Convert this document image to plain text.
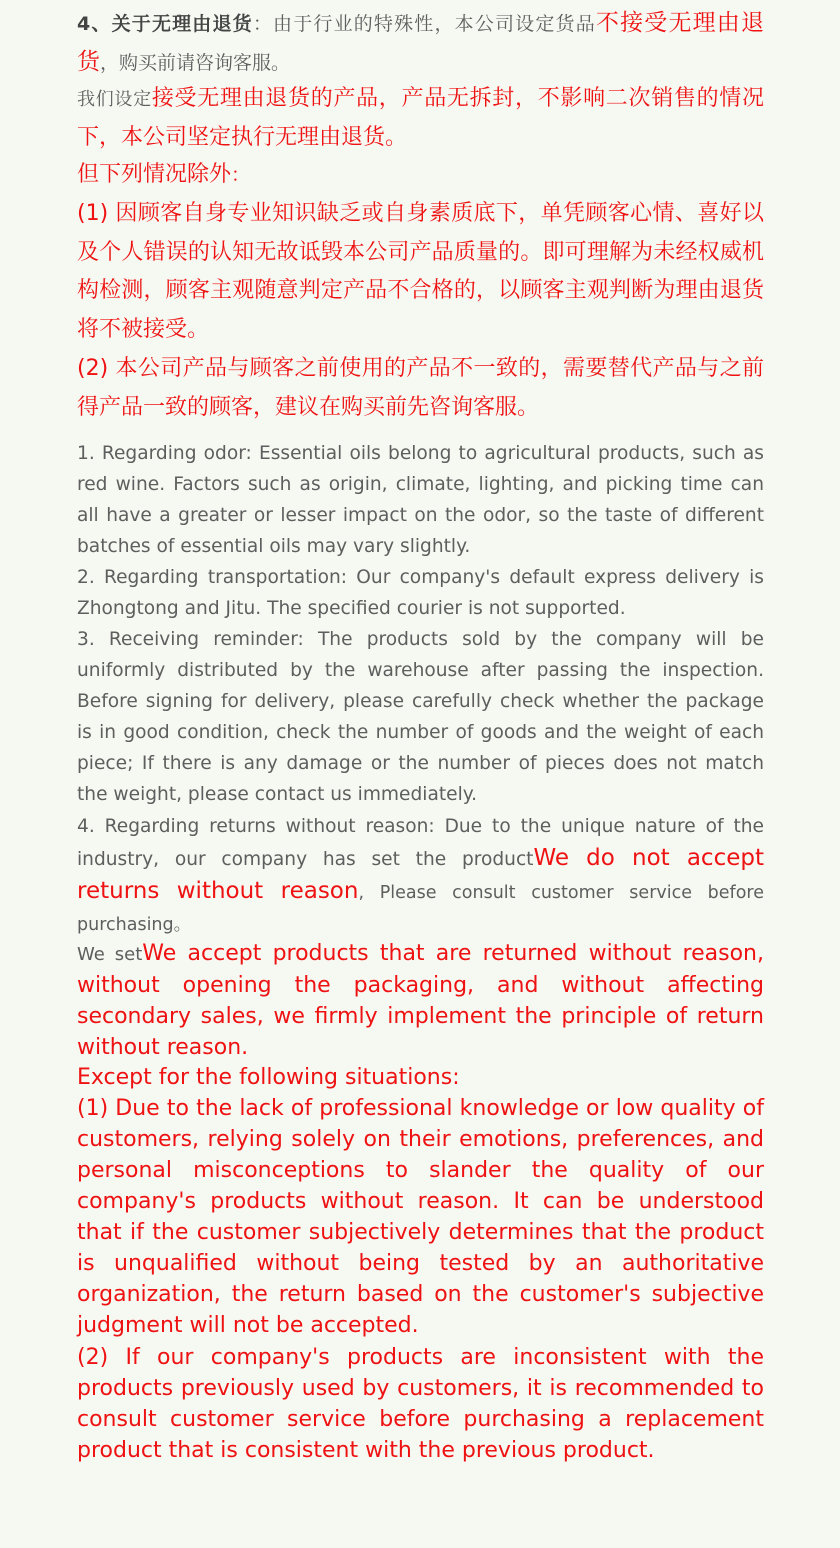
4、关于无理由退货：由于行业的特殊性，本公司设定货品不接受无理由退货，购买前请咨询客服。

我们设定接受无理由退货的产品，产品无拆封，不影响二次销售的情况下，本公司坚定执行无理由退货。

但下列情况除外：

(1) 因顾客自身专业知识缺乏或自身素质底下，单凭顾客心情、喜好以及个人错误的认知无故诋毁本公司产品质量的。即可理解为未经权威机构检测，顾客主观随意判定产品不合格的，以顾客主观判断为理由退货将不被接受。

(2) 本公司产品与顾客之前使用的产品不一致的，需要替代产品与之前得产品一致的顾客，建议在购买前先咨询客服。

1. Regarding odor: Essential oils belong to agricultural products, such as red wine. Factors such as origin, climate, lighting, and picking time can all have a greater or lesser impact on the odor, so the taste of different batches of essential oils may vary slightly.

2. Regarding transportation: Our company's default express delivery is Zhongtong and Jitu. The specified courier is not supported.

3. Receiving reminder: The products sold by the company will be uniformly distributed by the warehouse after passing the inspection. Before signing for delivery, please carefully check whether the package is in good condition, check the number of goods and the weight of each piece; If there is any damage or the number of pieces does not match the weight, please contact us immediately.

4. Regarding returns without reason: Due to the unique nature of the industry, our company has set the productWe do not accept returns without reason, Please consult customer service before purchasing。

We setWe accept products that are returned without reason, without opening the packaging, and without affecting secondary sales, we firmly implement the principle of return without reason.

Except for the following situations:

(1) Due to the lack of professional knowledge or low quality of customers, relying solely on their emotions, preferences, and personal misconceptions to slander the quality of our company's products without reason. It can be understood that if the customer subjectively determines that the product is unqualified without being tested by an authoritative organization, the return based on the customer's subjective judgment will not be accepted.

(2) If our company's products are inconsistent with the products previously used by customers, it is recommended to consult customer service before purchasing a replacement product that is consistent with the previous product.
